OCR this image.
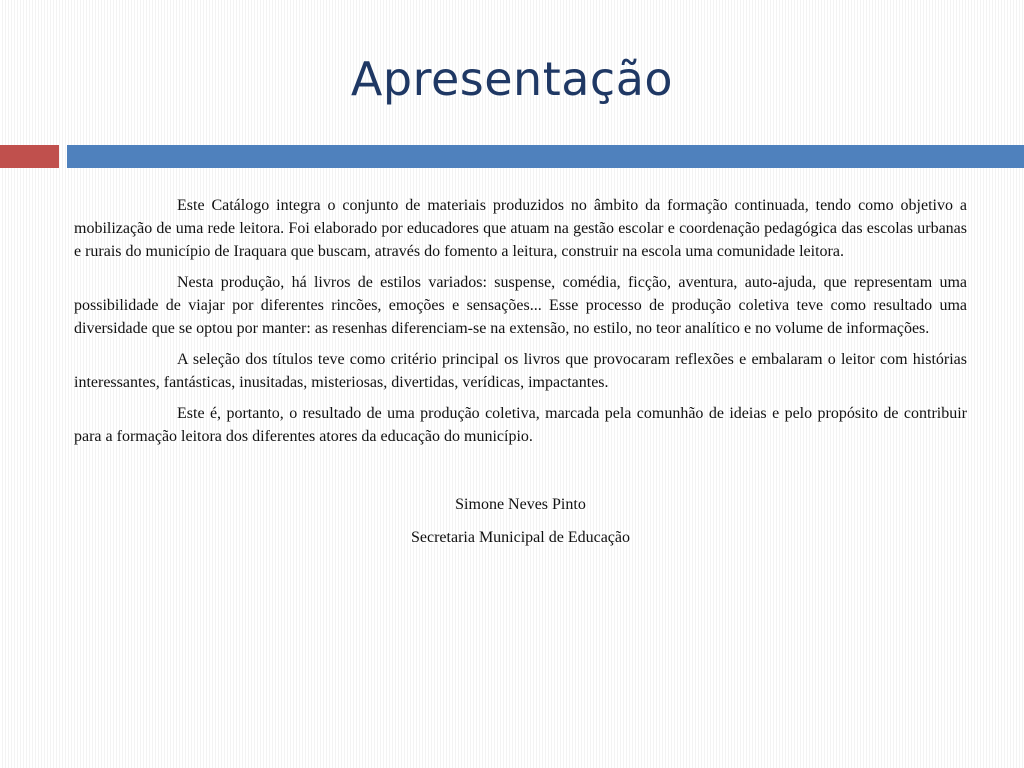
Apresentação

Este Catálogo integra o conjunto de materiais produzidos no âmbito da formação continuada, tendo como objetivo a mobilização de uma rede leitora. Foi elaborado por educadores que atuam na gestão escolar e coordenação pedagógica das escolas urbanas e rurais do município de Iraquara que buscam, através do fomento a leitura, construir na escola uma comunidade leitora.

Nesta produção, há livros de estilos variados: suspense, comédia, ficção, aventura, auto-ajuda, que representam uma possibilidade de viajar por diferentes rincões, emoções e sensações... Esse processo de produção coletiva teve como resultado uma diversidade que se optou por manter: as resenhas diferenciam-se na extensão, no estilo, no teor analítico e no volume de informações.

A seleção dos títulos teve como critério principal os livros que provocaram reflexões e embalaram o leitor com histórias interessantes, fantásticas, inusitadas, misteriosas, divertidas, verídicas, impactantes.

Este é, portanto, o resultado de uma produção coletiva, marcada pela comunhão de ideias e pelo propósito de contribuir para a formação leitora dos diferentes atores da educação do município.

Simone Neves Pinto

Secretaria Municipal de Educação
